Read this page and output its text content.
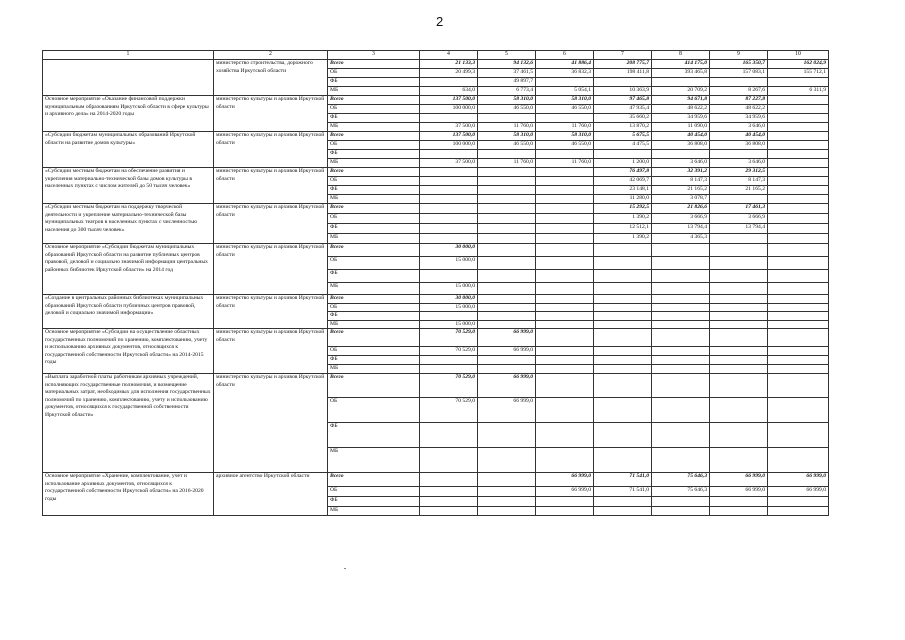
2
1	2	3	4	5	6	7	8	9	10
	министерство строительства, дорожного хозяйства Иркутской области	Всего	21 133,3	94 132,6	41 886,4	208 775,7	414 175,0	165 350,7	162 024,9
		ОБ	20 499,3	37 461,5	36 832,3	198 411,8	393 465,8	157 083,1	155 712,1
		ФБ		49 897,7					
		МБ	634,0	6 773,4	5 054,1	10 363,9	20 709,2	8 267,6	6 311,9
Основное мероприятие «Оказание финансовой поддержки муниципальным образованиям Иркутской области в сфере культуры и архивного дела» на 2014-2020 годы	министерство культуры и архивов Иркутской области	Всего	137 500,0	58 310,0	58 310,0	97 465,8	94 671,8	87 227,8	
		ОБ	100 000,0	46 550,0	46 550,0	47 935,4	48 622,2	48 622,2	
		ФБ				35 660,2	34 959,6	34 959,6	
		МБ	37 500,0	11 760,0	11 760,0	13 870,2	11 090,0	3 646,0	
«Субсидии бюджетам муниципальных образований Иркутской области на развитие домов культуры»	министерство культуры и архивов Иркутской области	Всего	137 500,0	58 310,0	58 310,0	5 675,5	40 454,0	40 454,0	
		ОБ	100 000,0	46 550,0	46 550,0	4 475,5	36 808,0	36 808,0	
		ФБ							
		МБ	37 500,0	11 760,0	11 760,0	1 200,0	3 646,0	3 646,0	
«Субсидии местным бюджетам на обеспечение развития и укрепления материально-технической базы домов культуры в населенных пунктах с числом жителей до 50 тысяч человек»	министерство культуры и архивов Иркутской области	Всего				76 497,8	32 391,2	29 312,5	
		ОБ				42 069,7	8 147,3	8 147,3	
		ФБ				23 148,1	21 165,2	21 165,2	
		МБ				11 280,0	3 078,7		
«Субсидии местным бюджетам на поддержку творческой деятельности и укрепление материально-технической базы муниципальных театров в населенных пунктах с численностью населения до 300 тысяч человек»	министерство культуры и архивов Иркутской области	Всего				15 292,5	21 826,6	17 461,3	
		ОБ				1 390,2	3 666,9	3 666,9	
		ФБ				12 512,1	13 794,4	13 794,4	
		МБ				1 390,2	4 365,3		
Основное мероприятие «Субсидии бюджетам муниципальных образований Иркутской области на развитие публичных центров правовой, деловой и социально значимой информации центральных районных библиотек Иркутской области» на 2014 год	министерство культуры и архивов Иркутской области	Всего	30 000,0						
		ОБ	15 000,0						
		ФБ							
		МБ	15 000,0						
«Создание в центральных районных библиотеках муниципальных образований Иркутской области публичных центров правовой, деловой и социально значимой информации»	министерство культуры и архивов Иркутской области	Всего	30 000,0						
		ОБ	15 000,0						
		ФБ							
		МБ	15 000,0						
Основное мероприятие «Субсидии на осуществление областных государственных полномочий по хранению, комплектованию, учету и использованию архивных документов, относящихся к государственной собственности Иркутской области» на 2014-2015 годы	министерство культуры и архивов Иркутской области	Всего	70 529,0	66 999,0					
		ОБ	70 529,0	66 999,0					
		ФБ							
		МБ							
«Выплата заработной платы работникам архивных учреждений, исполняющих государственные полномочия, и возмещение материальных затрат, необходимых для исполнения государственных полномочий по хранению, комплектованию, учету и использованию документов, относящихся к государственной собственности Иркутской области»	министерство культуры и архивов Иркутской области	Всего	70 529,0	66 999,0					
		ОБ	70 529,0	66 999,0					
		ФБ							
		МБ							
Основное мероприятие «Хранение, комплектование, учет и использование архивных документов, относящихся к государственной собственности Иркутской области» на 2016-2020 годы	архивное агентство Иркутской области	Всего			66 999,0	71 541,0	75 646,3	66 999,0	66 999,0
		ОБ			66 999,0	71 541,0	75 646,3	66 999,0	66 999,0
		ФБ							
		МБ							
